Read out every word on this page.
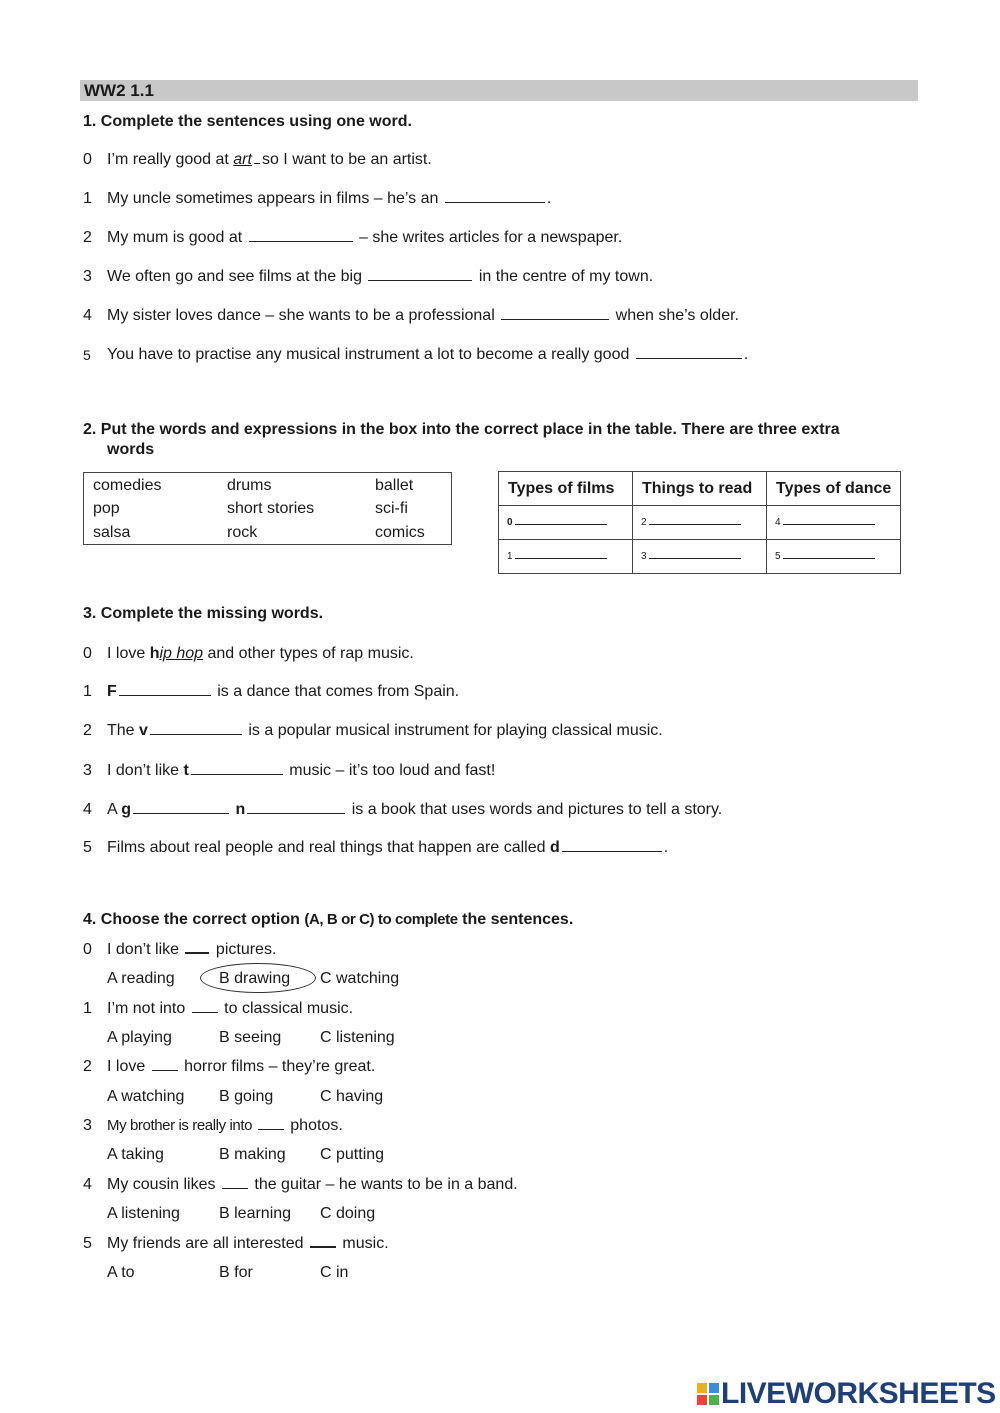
WW2 1.1
1. Complete the sentences using one word.
0 I’m really good at art so I want to be an artist.
1 My uncle sometimes appears in films – he’s an	.
2 My mum is good at	– she writes articles for a newspaper.
3 We often go and see films at the big	in the centre of my town.
4 My sister loves dance – she wants to be a professional	when she’s older.
5 You have to practise any musical instrument a lot to become a really good	.
2. Put the words and expressions in the box into the correct place in the table. There are three extra
words
comedies	drums	ballet
pop	short stories	sci-fi
salsa	rock	comics
Types of films	Things to read	Types of dance
0	2	4
1	3	5
3. Complete the missing words.
0 I love hip hop and other types of rap music.
1 F	is a dance that comes from Spain.
2 The v	is a popular musical instrument for playing classical music.
3 I don’t like t	music – it’s too loud and fast!
4 A g	n	is a book that uses words and pictures to tell a story.
5 Films about real people and real things that happen are called d	.
4. Choose the correct option (A, B or C) to complete the sentences.
0 I don’t like  pictures.
A reading	B drawing C watching
1 I’m not into  to classical music.
A playing	B seeing C listening
2 I love  horror films – they’re great.
A watching B going	C having
3 My brother is really into  photos.
A taking	B making C putting
4 My cousin likes  the guitar – he wants to be in a band.
A listening B learning C doing
5 My friends are all interested  music.
A to	B for	C in
LIVEWORKSHEETS
